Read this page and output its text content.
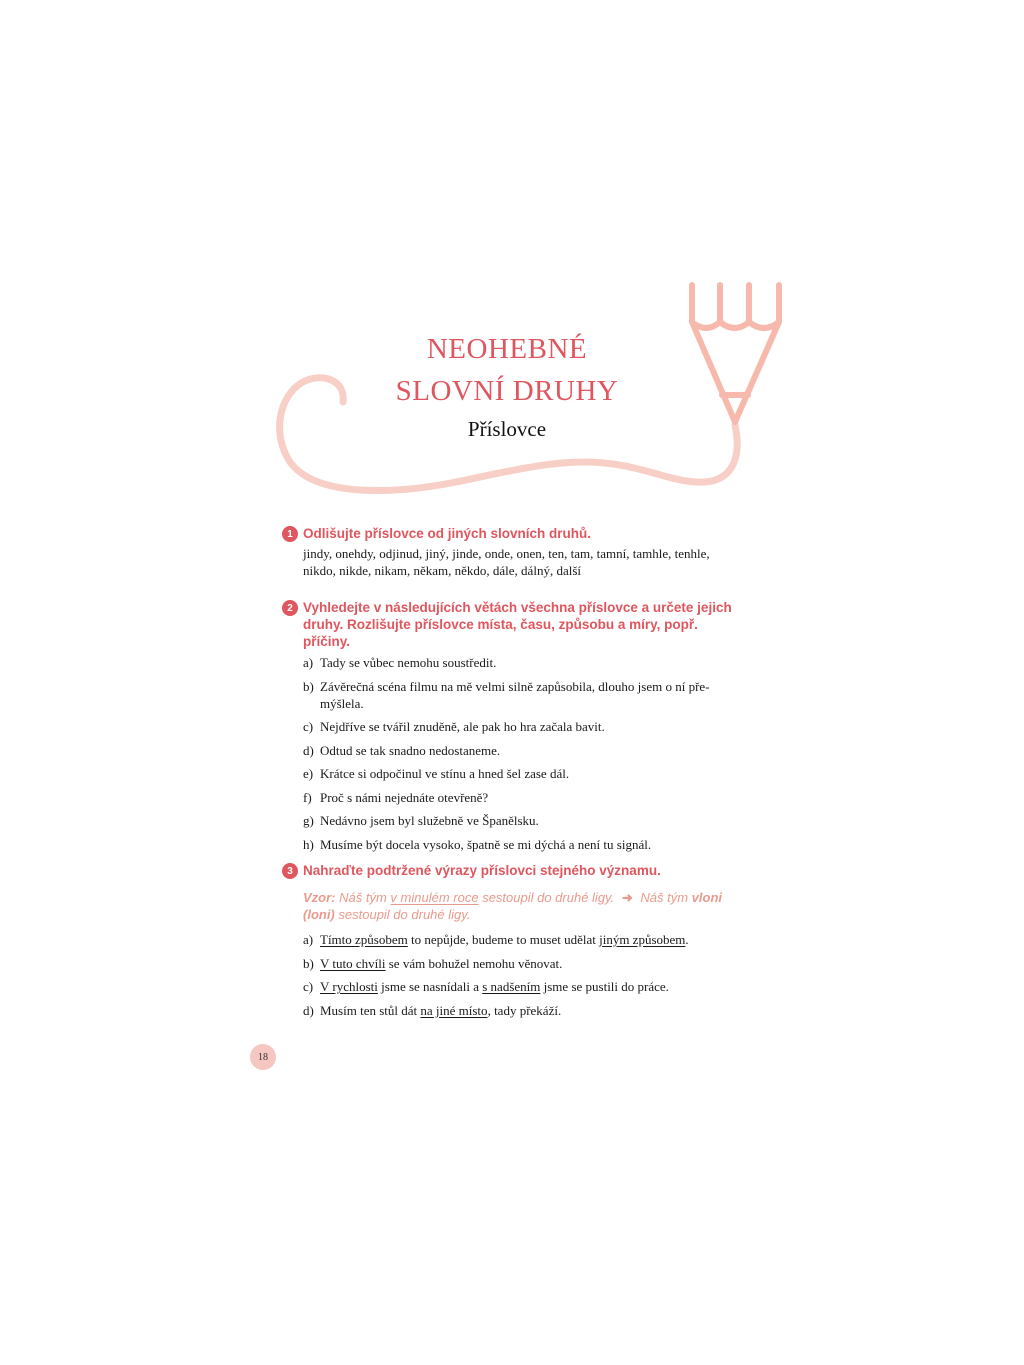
NEOHEBNÉ
SLOVNÍ DRUHY
Příslovce
1 Odlišujte příslovce od jiných slovních druhů.
jindy, onehdy, odjinud, jiný, jinde, onde, onen, ten, tam, tamní, tamhle, tenhle, nikdo, nikde, nikam, někam, někdo, dále, dálný, další
2 Vyhledejte v následujících větách všechna příslovce a určete jejich druhy. Rozlišujte příslovce místa, času, způsobu a míry, popř. příčiny.
a) Tady se vůbec nemohu soustředit.
b) Závěrečná scéna filmu na mě velmi silně zapůsobila, dlouho jsem o ní přemýšlela.
c) Nejdříve se tvářil znuděně, ale pak ho hra začala bavit.
d) Odtud se tak snadno nedostaneme.
e) Krátce si odpočinul ve stínu a hned šel zase dál.
f) Proč s námi nejednáte otevřeně?
g) Nedávno jsem byl služebně ve Španělsku.
h) Musíme být docela vysoko, špatně se mi dýchá a není tu signál.
3 Nahraďte podtržené výrazy příslovci stejného významu.
Vzor: Náš tým v minulém roce sestoupil do druhé ligy. ➜ Náš tým vloni (loni) sestoupil do druhé ligy.
a) Tímto způsobem to nepůjde, budeme to muset udělat jiným způsobem.
b) V tuto chvíli se vám bohužel nemohu věnovat.
c) V rychlosti jsme se nasnídali a s nadšením jsme se pustili do práce.
d) Musím ten stůl dát na jiné místo, tady překáží.
18
